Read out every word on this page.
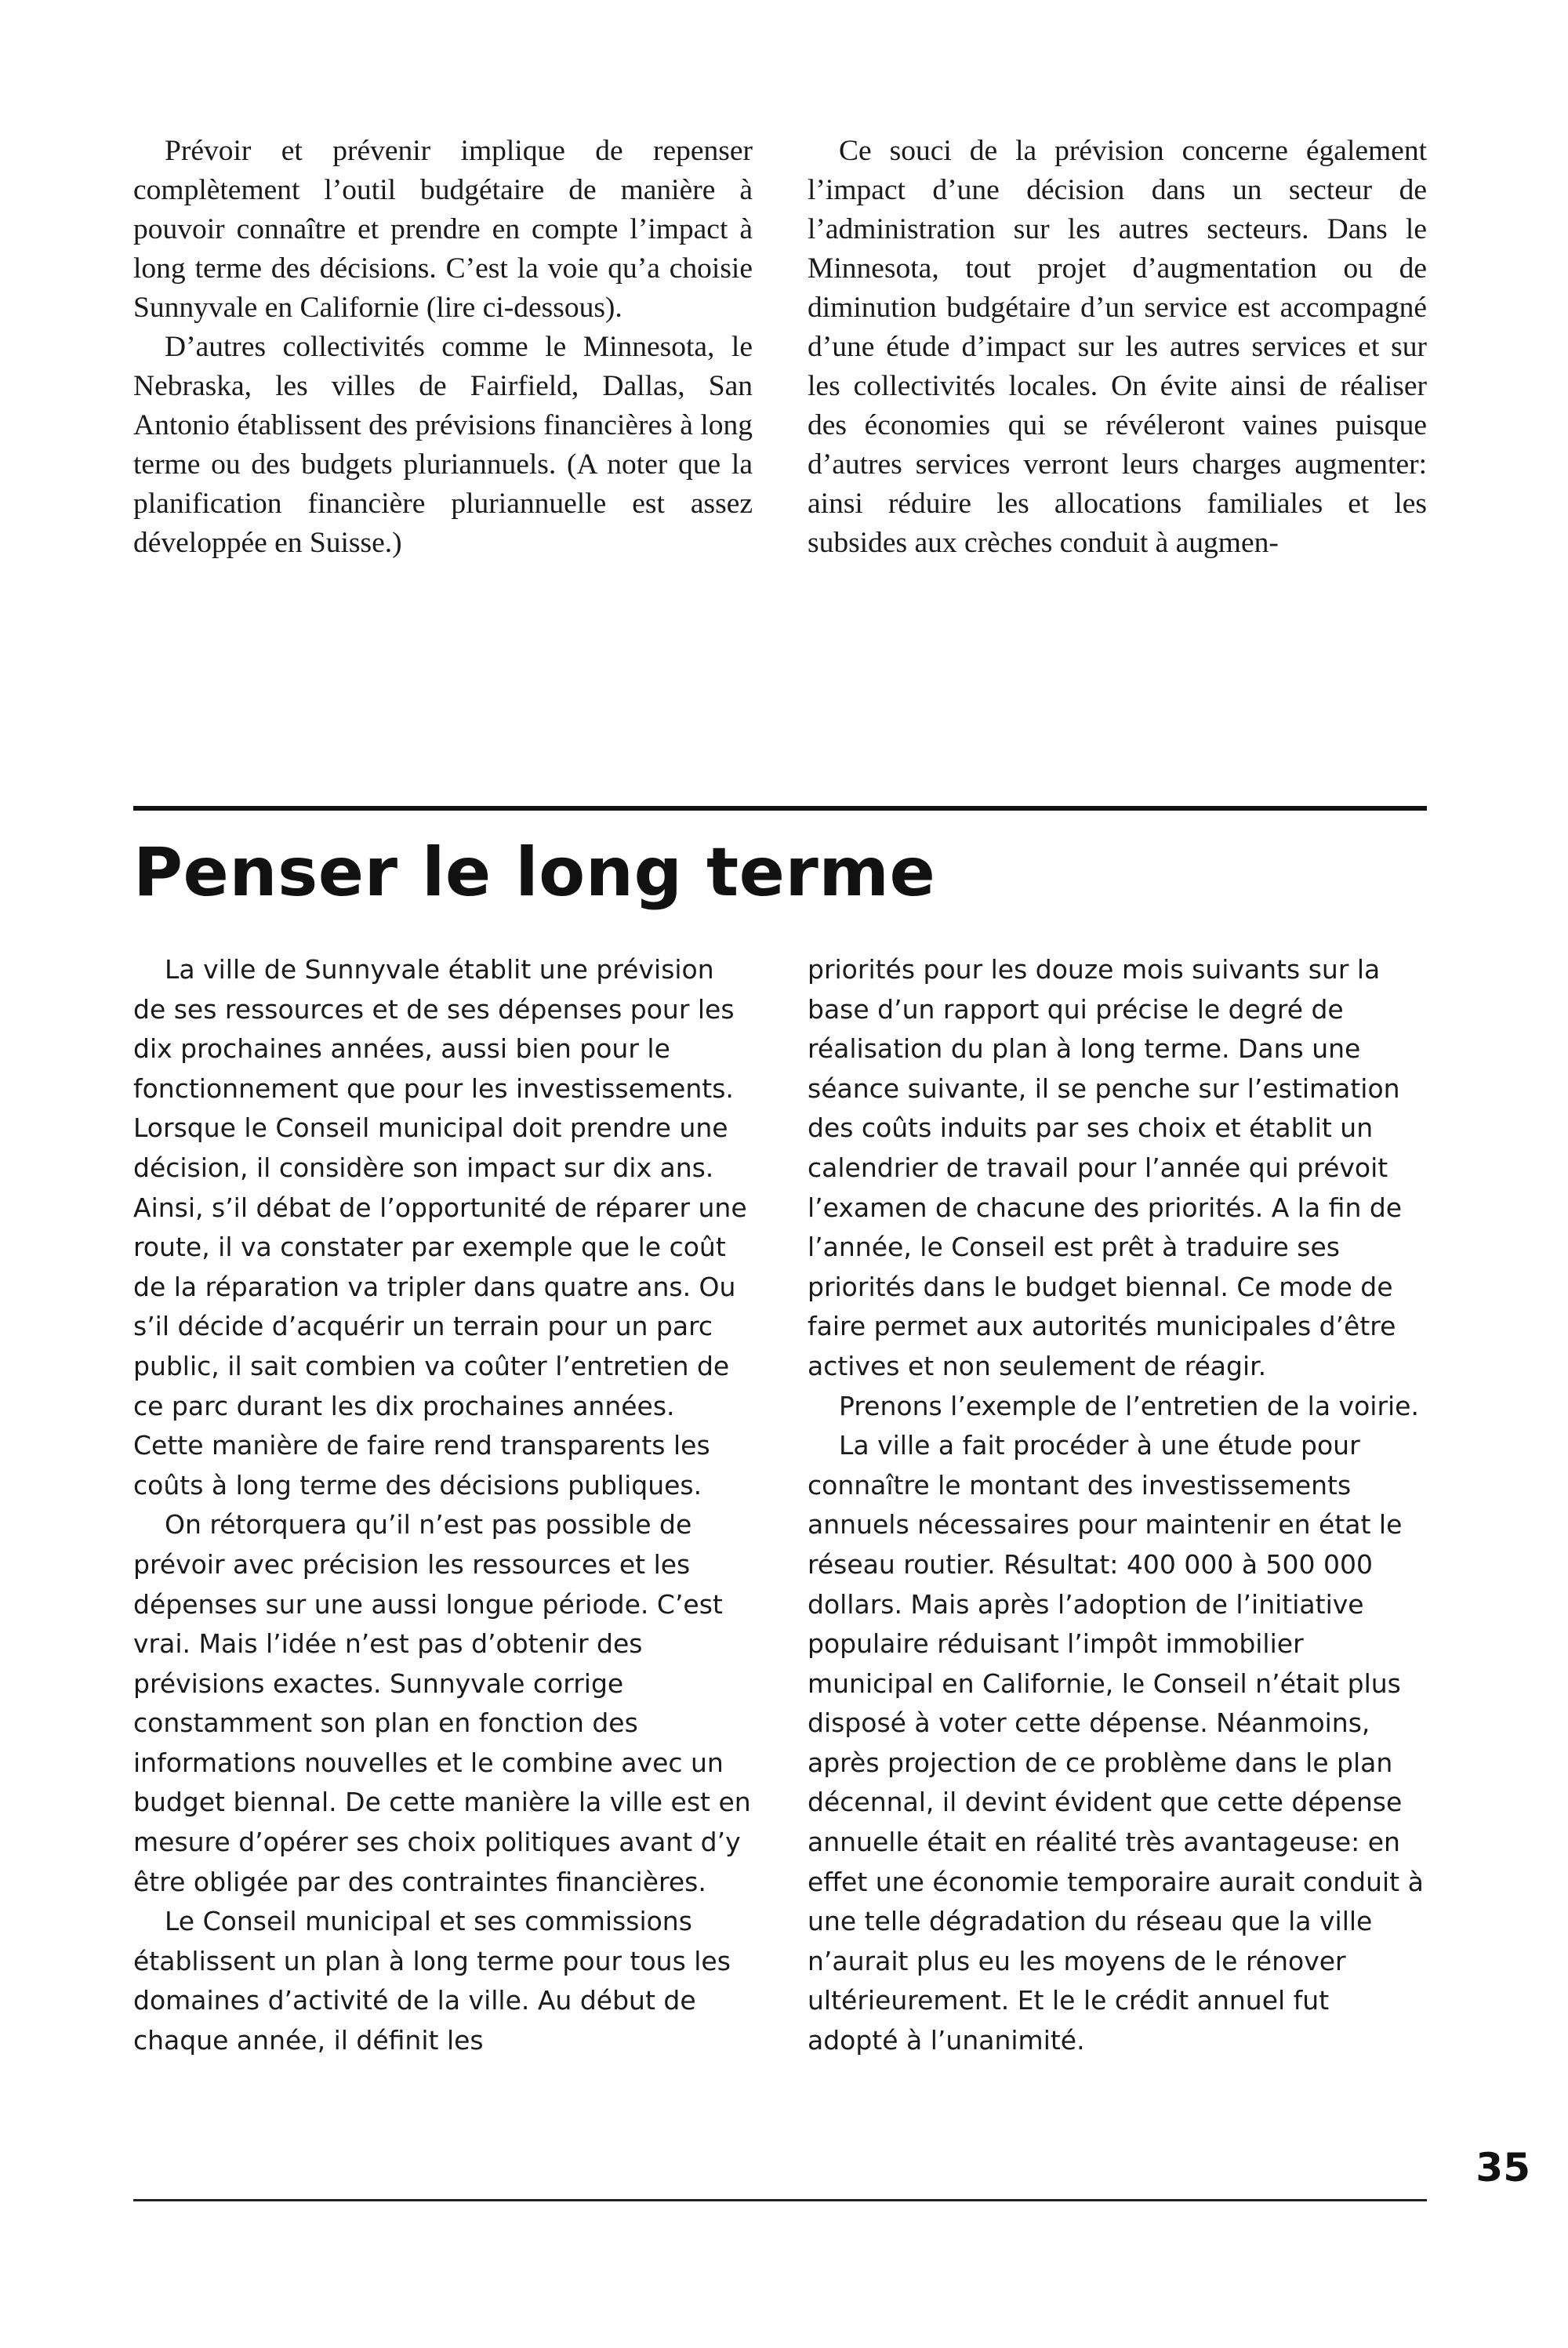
Prévoir et prévenir implique de repenser complètement l’outil budgétaire de manière à pouvoir connaître et prendre en compte l’impact à long terme des décisions. C’est la voie qu’a choisie Sunnyvale en Californie (lire ci-dessous).

D’autres collectivités comme le Minnesota, le Nebraska, les villes de Fairfield, Dallas, San Antonio établissent des prévisions financières à long terme ou des budgets pluriannuels. (A noter que la planification financière pluriannuelle est assez développée en Suisse.)

Ce souci de la prévision concerne également l’impact d’une décision dans un secteur de l’administration sur les autres secteurs. Dans le Minnesota, tout projet d’augmentation ou de diminution budgétaire d’un service est accompagné d’une étude d’impact sur les autres services et sur les collectivités locales. On évite ainsi de réaliser des économies qui se révéleront vaines puisque d’autres services verront leurs charges augmenter: ainsi réduire les allocations familiales et les subsides aux crèches conduit à augmen-

Penser le long terme

La ville de Sunnyvale établit une prévision de ses ressources et de ses dépenses pour les dix prochaines années, aussi bien pour le fonctionnement que pour les investissements. Lorsque le Conseil municipal doit prendre une décision, il considère son impact sur dix ans. Ainsi, s’il débat de l’opportunité de réparer une route, il va constater par exemple que le coût de la réparation va tripler dans quatre ans. Ou s’il décide d’acquérir un terrain pour un parc public, il sait combien va coûter l’entretien de ce parc durant les dix prochaines années. Cette manière de faire rend transparents les coûts à long terme des décisions publiques.

On rétorquera qu’il n’est pas possible de prévoir avec précision les ressources et les dépenses sur une aussi longue période. C’est vrai. Mais l’idée n’est pas d’obtenir des prévisions exactes. Sunnyvale corrige constamment son plan en fonction des informations nouvelles et le combine avec un budget biennal. De cette manière la ville est en mesure d’opérer ses choix politiques avant d’y être obligée par des contraintes financières.

Le Conseil municipal et ses commissions établissent un plan à long terme pour tous les domaines d’activité de la ville. Au début de chaque année, il définit les

priorités pour les douze mois suivants sur la base d’un rapport qui précise le degré de réalisation du plan à long terme. Dans une séance suivante, il se penche sur l’estimation des coûts induits par ses choix et établit un calendrier de travail pour l’année qui prévoit l’examen de chacune des priorités. A la fin de l’année, le Conseil est prêt à traduire ses priorités dans le budget biennal. Ce mode de faire permet aux autorités municipales d’être actives et non seulement de réagir.

Prenons l’exemple de l’entretien de la voirie.

La ville a fait procéder à une étude pour connaître le montant des investissements annuels nécessaires pour maintenir en état le réseau routier. Résultat: 400 000 à 500 000 dollars. Mais après l’adoption de l’initiative populaire réduisant l’impôt immobilier municipal en Californie, le Conseil n’était plus disposé à voter cette dépense. Néanmoins, après projection de ce problème dans le plan décennal, il devint évident que cette dépense annuelle était en réalité très avantageuse: en effet une économie temporaire aurait conduit à une telle dégradation du réseau que la ville n’aurait plus eu les moyens de le rénover ultérieurement. Et le le crédit annuel fut adopté à l’unanimité.

35
